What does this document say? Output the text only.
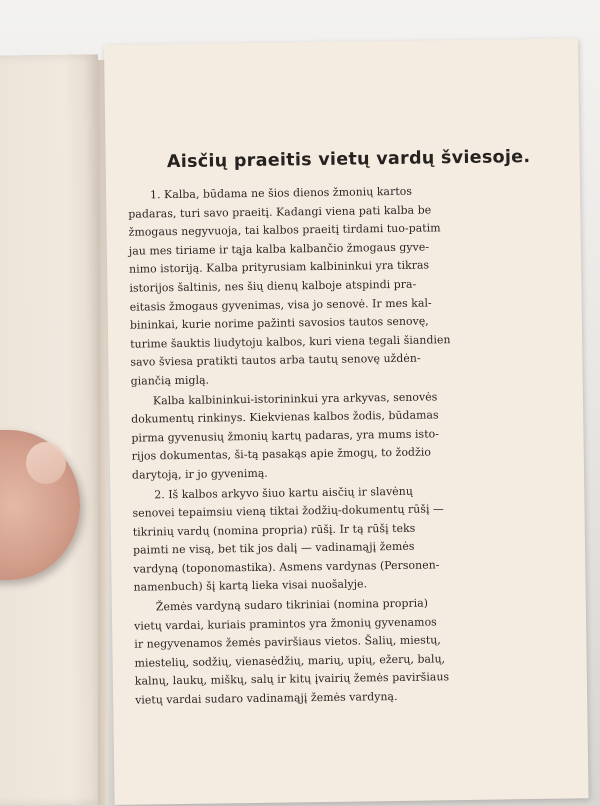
Aisčių praeitis vietų vardų šviesoje.

1. Kalba, būdama ne šios dienos žmonių kartos
padaras, turi savo praeitį. Kadangi viena pati kalba be
žmogaus negyvuoja, tai kalbos praeitį tirdami tuo-patim
jau mes tiriame ir tąja kalba kalbančio žmogaus gyve-
nimo istoriją. Kalba prityrusiam kalbininkui yra tikras
istorijos šaltinis, nes šių dienų kalboje atspindi pra-
eitasis žmogaus gyvenimas, visa jo senovė. Ir mes kal-
bininkai, kurie norime pažinti savosios tautos senovę,
turime šauktis liudytoju kalbos, kuri viena tegali šiandien
savo šviesa pratikti tautos arba tautų senovę uždėn-
giančią miglą.

Kalba kalbininkui-istorininkui yra arkyvas, senovės
dokumentų rinkinys. Kiekvienas kalbos žodis, būdamas
pirma gyvenusių žmonių kartų padaras, yra mums isto-
rijos dokumentas, ši-tą pasakąs apie žmogų, to žodžio
darytoją, ir jo gyvenimą.

2. Iš kalbos arkyvo šiuo kartu aisčių ir slavėnų
senovei tepaimsiu vieną tiktai žodžių-dokumentų rūšį —
tikrinių vardų (nomina propria) rūšį. Ir tą rūšį teks
paimti ne visą, bet tik jos dalį — vadinamąjį žemės
vardyną (toponomastika). Asmens vardynas (Personen-
namenbuch) šį kartą lieka visai nuošalyje.

Žemės vardyną sudaro tikriniai (nomina propria)
vietų vardai, kuriais pramintos yra žmonių gyvenamos
ir negyvenamos žemės paviršiaus vietos. Šalių, miestų,
miestelių, sodžių, vienasėdžių, marių, upių, ežerų, balų,
kalnų, laukų, miškų, salų ir kitų įvairių žemės paviršiaus
vietų vardai sudaro vadinamąjį žemės vardyną.
